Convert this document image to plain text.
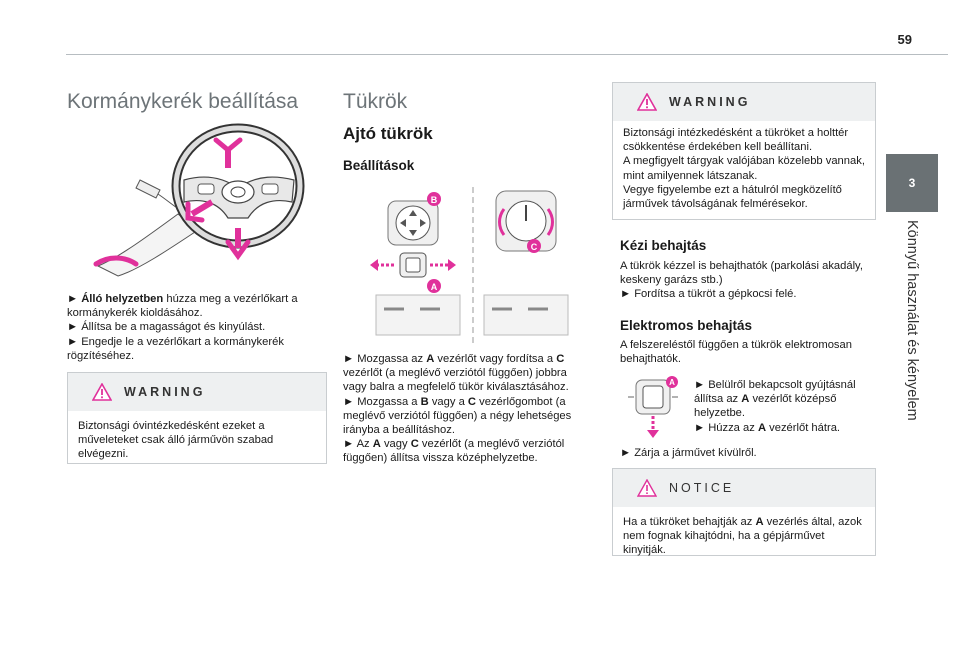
59
3
Könnyű használat és kényelem
Kormánykerék beállítása
► Álló helyzetben húzza meg a vezérlőkart a kormánykerék kioldásához.
► Állítsa be a magasságot és kinyúlást.
► Engedje le a vezérlőkart a kormánykerék rögzítéséhez.
WARNING
Biztonsági óvintézkedésként ezeket a műveleteket csak álló járművön szabad elvégezni.
Tükrök
Ajtó tükrök
Beállítások
B
A
C
► Mozgassa az A vezérlőt vagy fordítsa a C vezérlőt (a meglévő verziótól függően) jobbra vagy balra a megfelelő tükör kiválasztásához.
► Mozgassa a B vagy a C vezérlőgombot (a meglévő verziótól függően) a négy lehetséges irányba a beállításhoz.
► Az A vagy C vezérlőt (a meglévő verziótól függően) állítsa vissza középhelyzetbe.
WARNING
Biztonsági intézkedésként a tükröket a holttér csökkentése érdekében kell beállítani.
A megfigyelt tárgyak valójában közelebb vannak, mint amilyennek látszanak.
Vegye figyelembe ezt a hátulról megközelítő járművek távolságának felmérésekor.
Kézi behajtás
A tükrök kézzel is behajthatók (parkolási akadály, keskeny garázs stb.)
► Fordítsa a tükröt a gépkocsi felé.
Elektromos behajtás
A felszereléstől függően a tükrök elektromosan behajthatók.
A ► Belülről bekapcsolt gyújtásnál állítsa az A vezérlőt középső helyzetbe.
► Húzza az A vezérlőt hátra.
► Zárja a járművet kívülről.
NOTICE
Ha a tükröket behajtják az A vezérlés által, azok nem fognak kihajtódni, ha a gépjárművet kinyitják.
